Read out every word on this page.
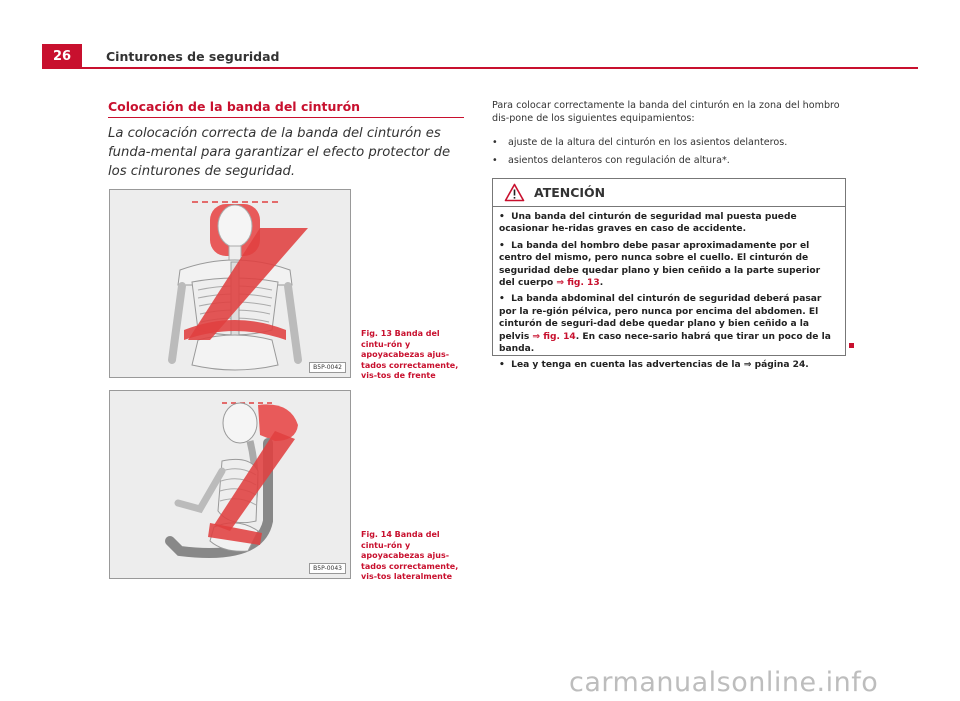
26	Cinturones de seguridad
Colocación de la banda del cinturón
La colocación correcta de la banda del cinturón es funda-mental para garantizar el efecto protector de los cinturones de seguridad.
B5P-0042
Fig. 13 Banda del cintu-rón y apoyacabezas ajus-tados correctamente, vis-tos de frente
B5P-0043
Fig. 14 Banda del cintu-rón y apoyacabezas ajus-tados correctamente, vis-tos lateralmente
Para colocar correctamente la banda del cinturón en la zona del hombro dis-pone de los siguientes equipamientos:
•	ajuste de la altura del cinturón en los asientos delanteros.
•	asientos delanteros con regulación de altura*.
ATENCIÓN
• Una banda del cinturón de seguridad mal puesta puede ocasionar he-ridas graves en caso de accidente.
• La banda del hombro debe pasar aproximadamente por el centro del mismo, pero nunca sobre el cuello. El cinturón de seguridad debe quedar plano y bien ceñido a la parte superior del cuerpo ⇒ fig. 13.
• La banda abdominal del cinturón de seguridad deberá pasar por la re-gión pélvica, pero nunca por encima del abdomen. El cinturón de seguri-dad debe quedar plano y bien ceñido a la pelvis ⇒ fig. 14. En caso nece-sario habrá que tirar un poco de la banda.
• Lea y tenga en cuenta las advertencias de la ⇒ página 24.
carmanualsonline.info
